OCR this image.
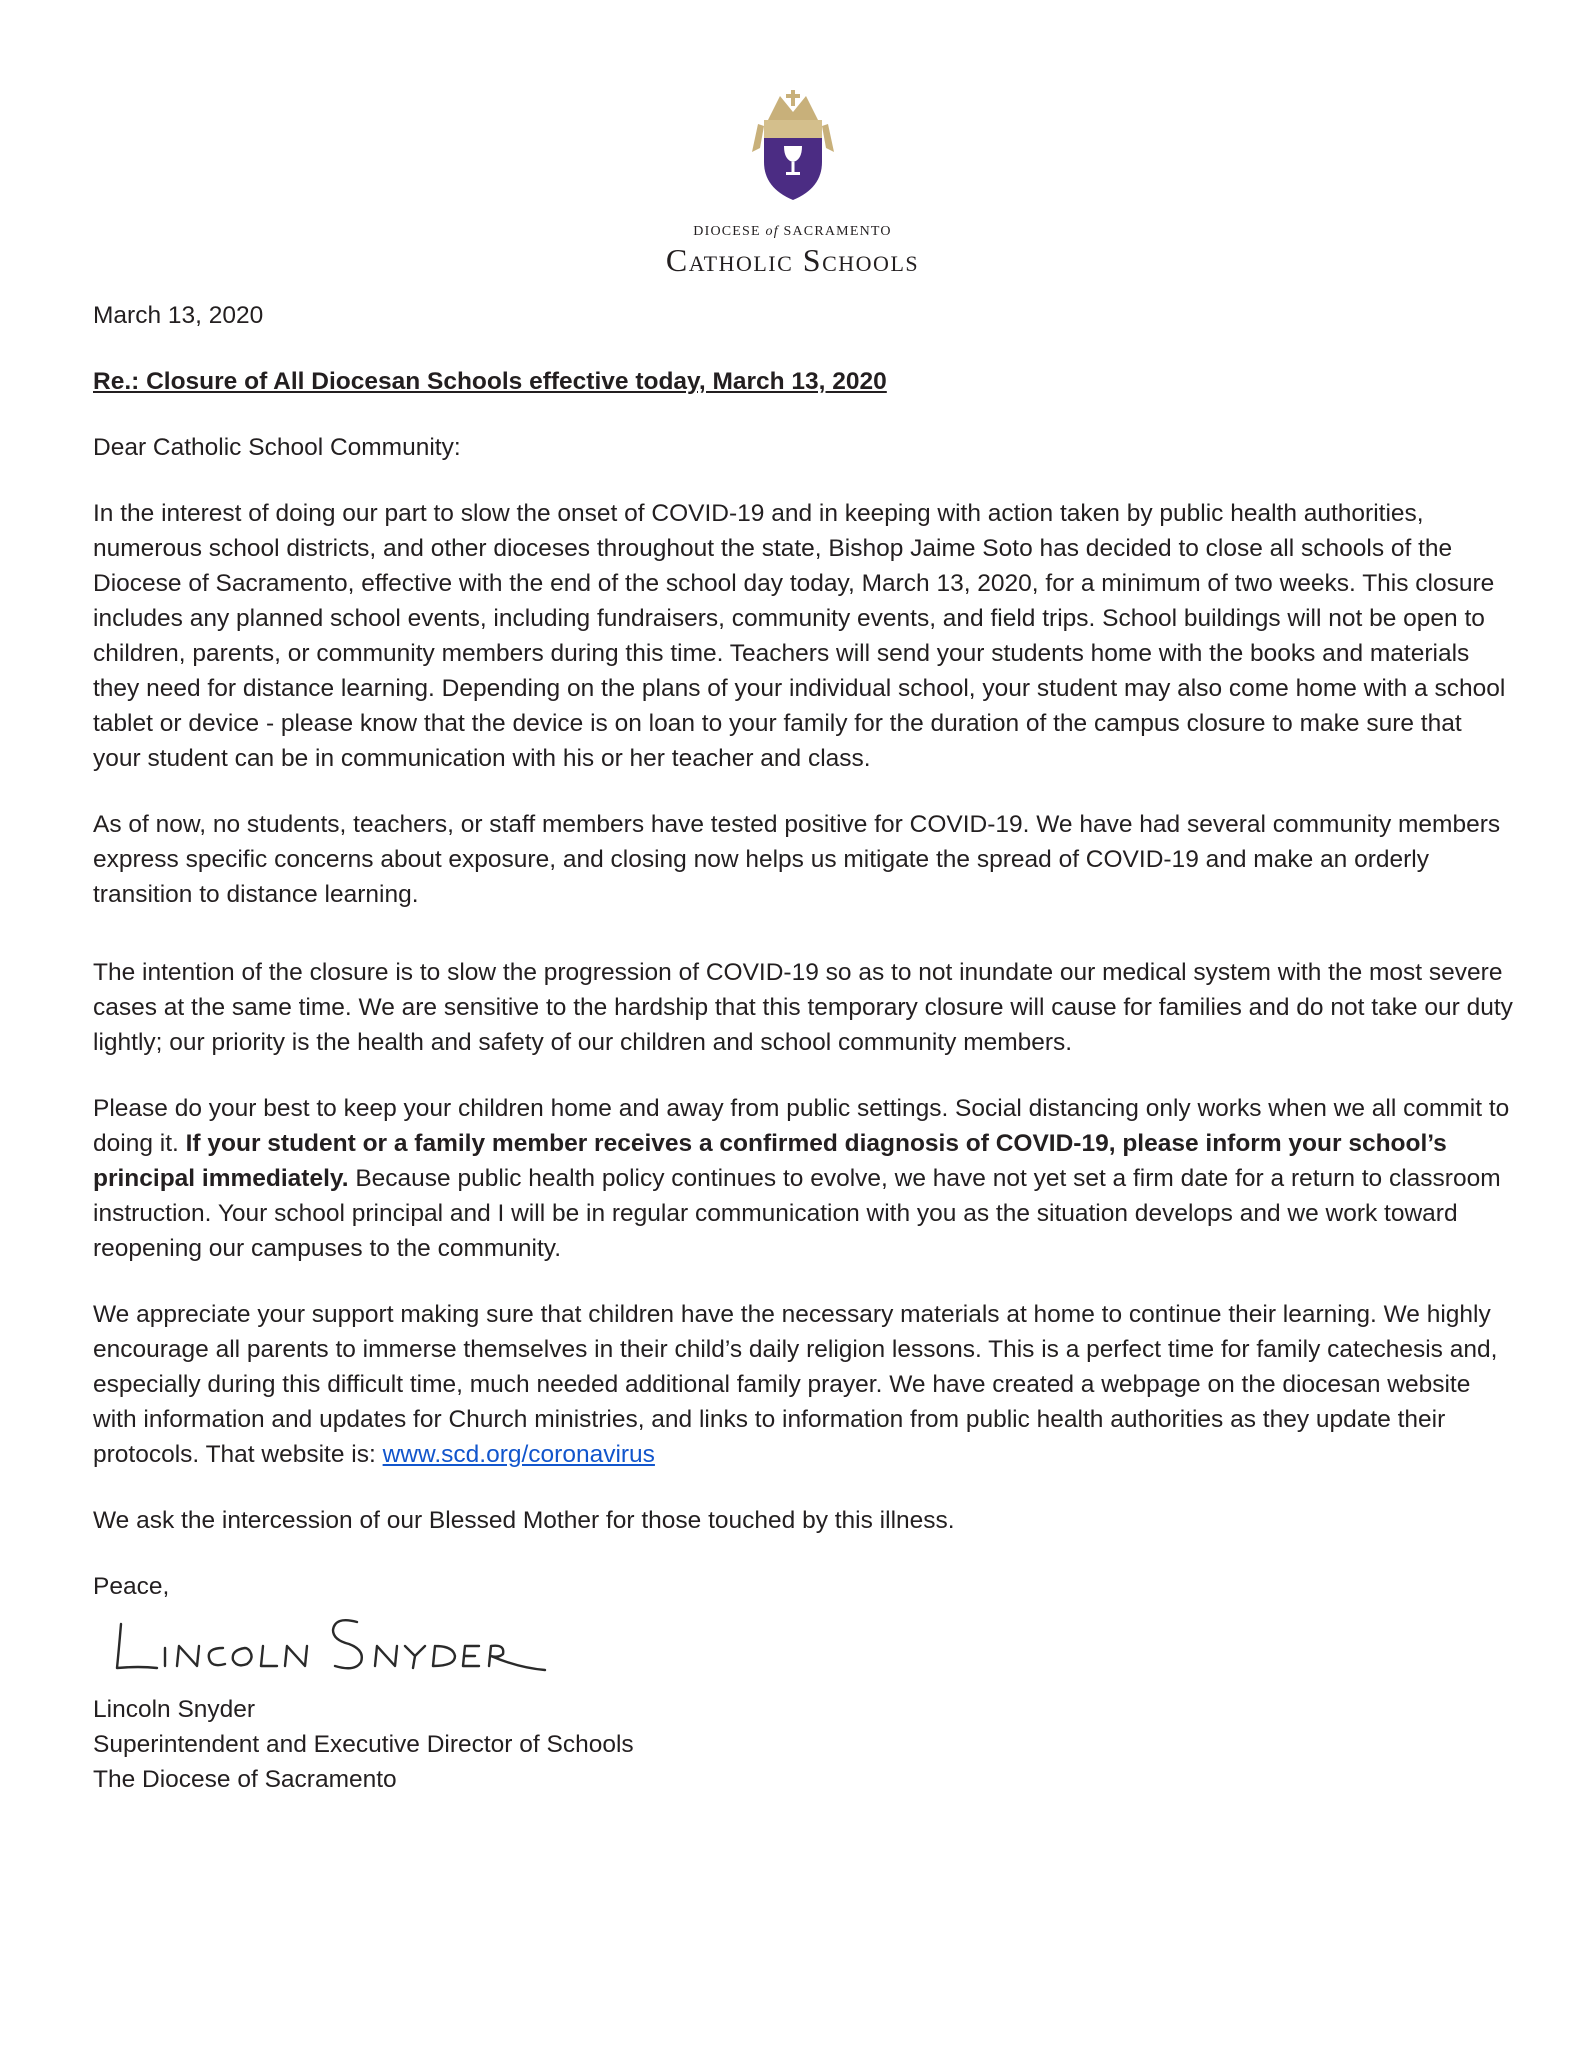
DIOCESE of SACRAMENTO
Catholic Schools

March 13, 2020

Re.: Closure of All Diocesan Schools effective today, March 13, 2020

Dear Catholic School Community:

In the interest of doing our part to slow the onset of COVID-19 and in keeping with action taken by public health authorities, numerous school districts, and other dioceses throughout the state, Bishop Jaime Soto has decided to close all schools of the Diocese of Sacramento, effective with the end of the school day today, March 13, 2020, for a minimum of two weeks. This closure includes any planned school events, including fundraisers, community events, and field trips. School buildings will not be open to children, parents, or community members during this time. Teachers will send your students home with the books and materials they need for distance learning. Depending on the plans of your individual school, your student may also come home with a school tablet or device - please know that the device is on loan to your family for the duration of the campus closure to make sure that your student can be in communication with his or her teacher and class.

As of now, no students, teachers, or staff members have tested positive for COVID-19. We have had several community members express specific concerns about exposure, and closing now helps us mitigate the spread of COVID-19 and make an orderly transition to distance learning.

The intention of the closure is to slow the progression of COVID-19 so as to not inundate our medical system with the most severe cases at the same time. We are sensitive to the hardship that this temporary closure will cause for families and do not take our duty lightly; our priority is the health and safety of our children and school community members.

Please do your best to keep your children home and away from public settings. Social distancing only works when we all commit to doing it. If your student or a family member receives a confirmed diagnosis of COVID-19, please inform your school’s principal immediately. Because public health policy continues to evolve, we have not yet set a firm date for a return to classroom instruction. Your school principal and I will be in regular communication with you as the situation develops and we work toward reopening our campuses to the community.

We appreciate your support making sure that children have the necessary materials at home to continue their learning. We highly encourage all parents to immerse themselves in their child’s daily religion lessons. This is a perfect time for family catechesis and, especially during this difficult time, much needed additional family prayer. We have created a webpage on the diocesan website with information and updates for Church ministries, and links to information from public health authorities as they update their protocols. That website is: www.scd.org/coronavirus

We ask the intercession of our Blessed Mother for those touched by this illness.

Peace,

Lincoln Snyder

Superintendent and Executive Director of Schools

The Diocese of Sacramento
